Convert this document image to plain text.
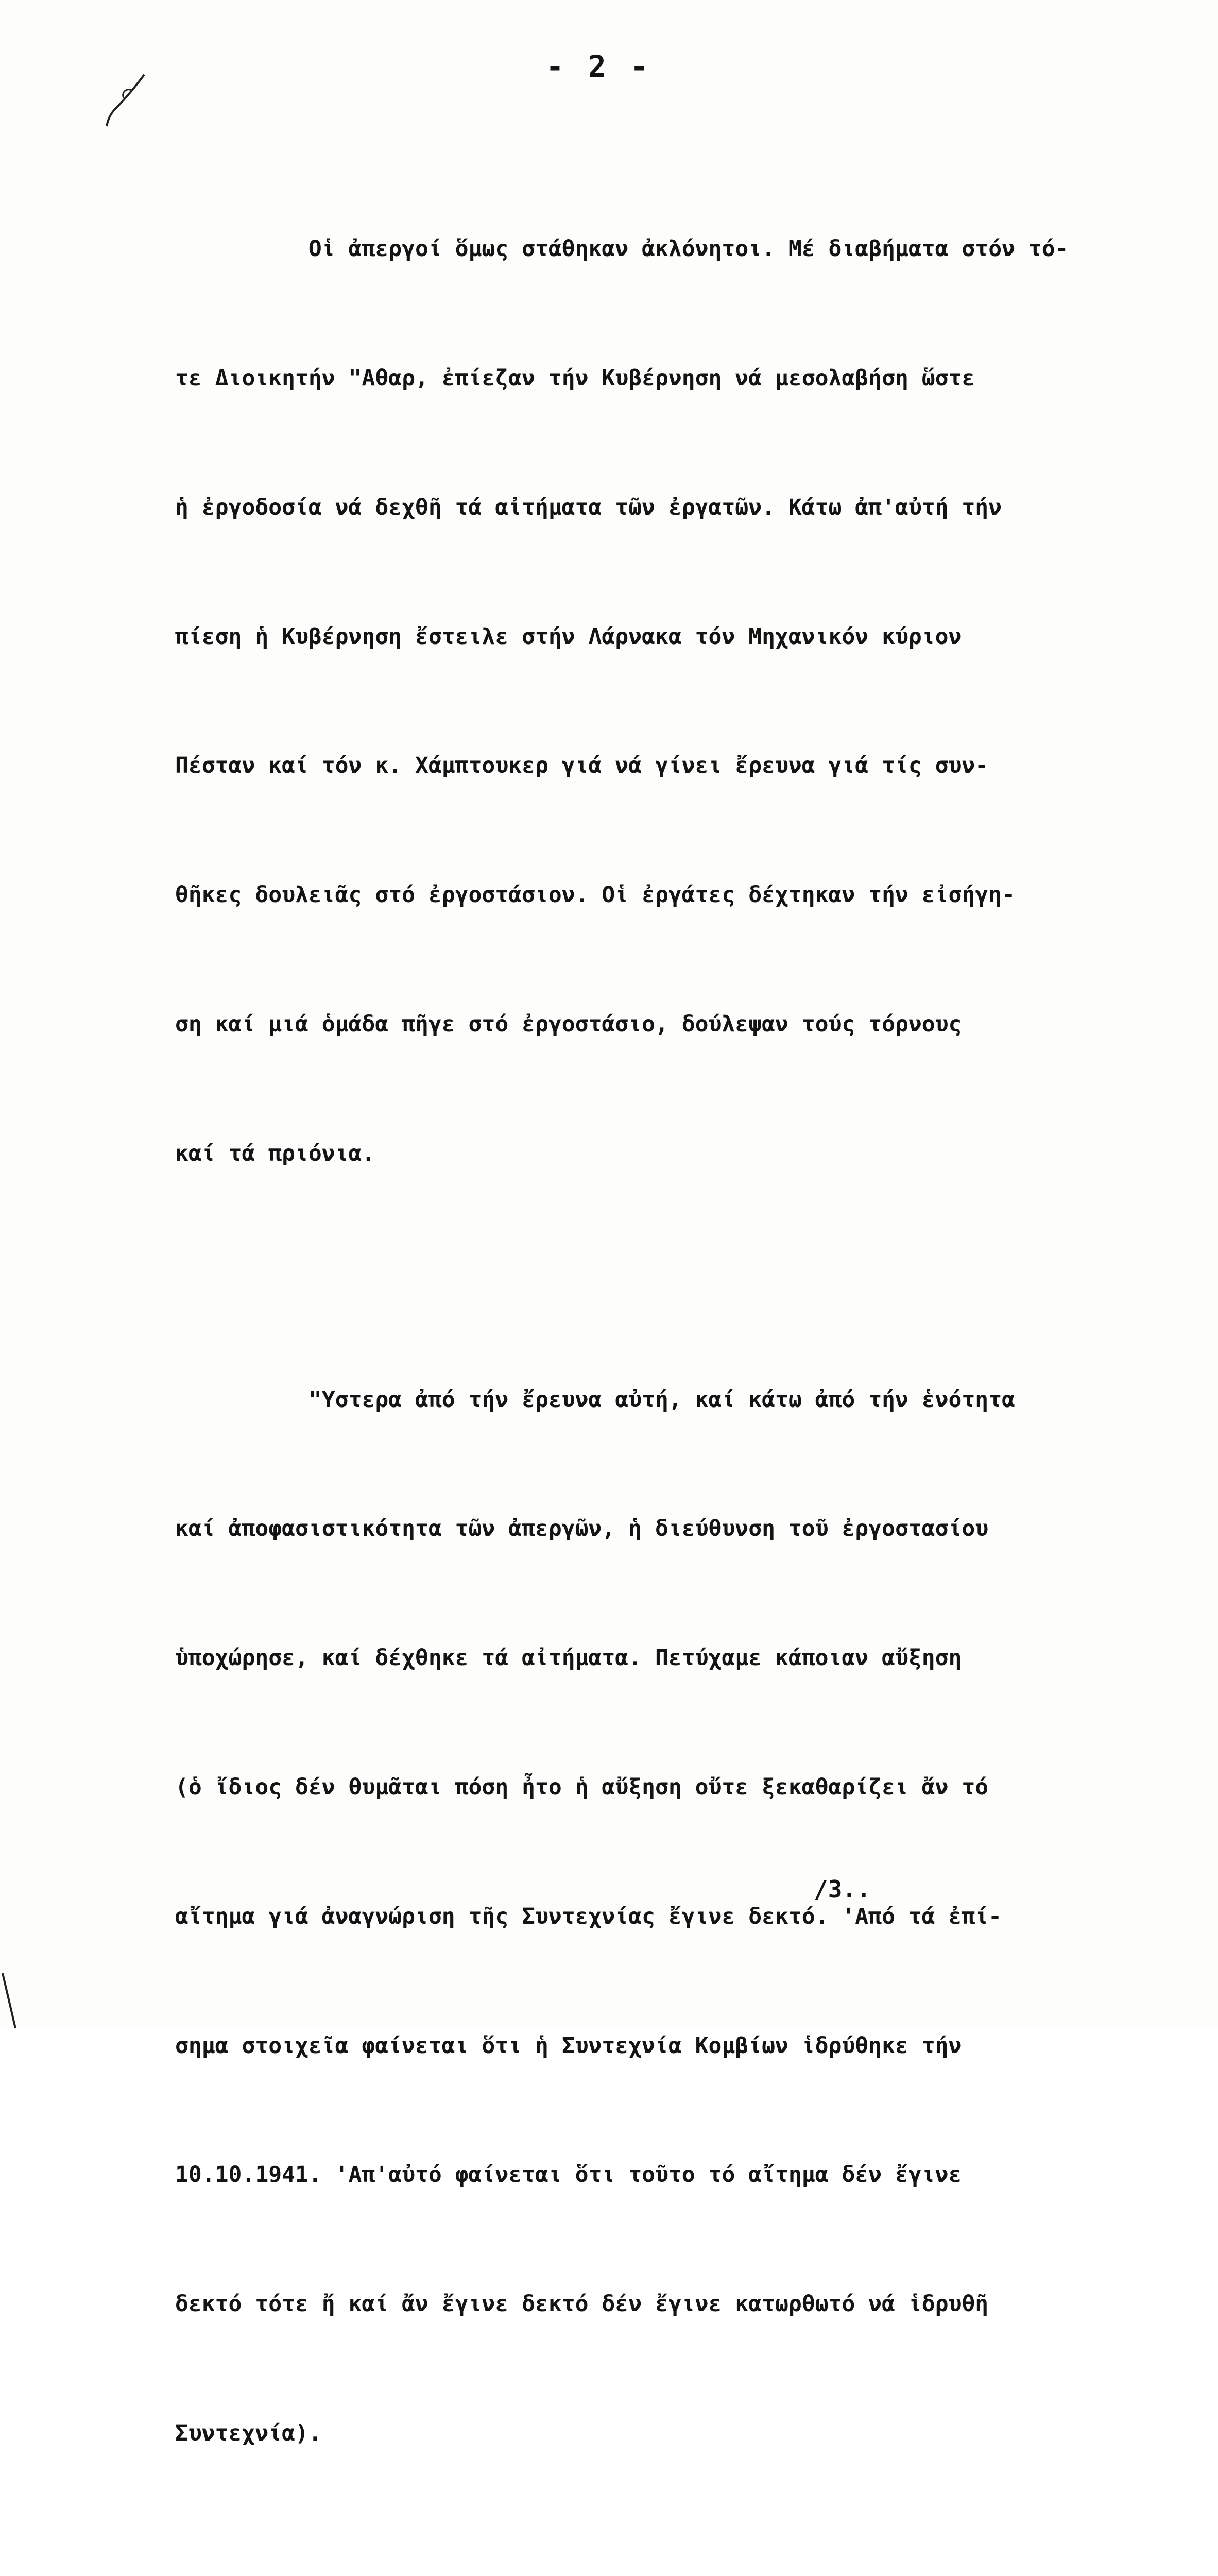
- 2 -

Οἱ ἀπεργοί ὅμως στάθηκαν ἀκλόνητοι. Μέ διαβήματα στόν τό-

τε Διοικητήν "Αθαρ, ἐπίεζαν τήν Κυβέρνηση νά μεσολαβήση ὥστε

ἡ ἐργοδοσία νά δεχθῆ τά αἰτήματα τῶν ἐργατῶν. Κάτω ἀπ'αὐτή τήν

πίεση ἡ Κυβέρνηση ἔστειλε στήν Λάρνακα τόν Μηχανικόν κύριον

Πέσταν καί τόν κ. Χάμπτουκερ γιά νά γίνει ἔρευνα γιά τίς συν-

θῆκες δουλειᾶς στό ἐργοστάσιον. Οἱ ἐργάτες δέχτηκαν τήν εἰσήγη-

ση καί μιά ὁμάδα πῆγε στό ἐργοστάσιο, δούλεψαν τούς τόρνους

καί τά πριόνια.

"Υστερα ἀπό τήν ἔρευνα αὐτή, καί κάτω ἀπό τήν ἑνότητα

καί ἀποφασιστικότητα τῶν ἀπεργῶν, ἡ διεύθυνση τοῦ ἐργοστασίου

ὑποχώρησε, καί δέχθηκε τά αἰτήματα. Πετύχαμε κάποιαν αὔξηση

(ὁ ἴδιος δέν θυμᾶται πόση ἦτο ἡ αὔξηση οὔτε ξεκαθαρίζει ἄν τό

αἴτημα γιά ἀναγνώριση τῆς Συντεχνίας ἔγινε δεκτό. 'Από τά ἐπί-

σημα στοιχεῖα φαίνεται ὅτι ἡ Συντεχνία Κομβίων ἱδρύθηκε τήν

10.10.1941. 'Απ'αὐτό φαίνεται ὅτι τοῦτο τό αἴτημα δέν ἔγινε

δεκτό τότε ἤ καί ἄν ἔγινε δεκτό δέν ἔγινε κατωρθωτό νά ἱδρυθῆ

Συντεχνία).

/3..
